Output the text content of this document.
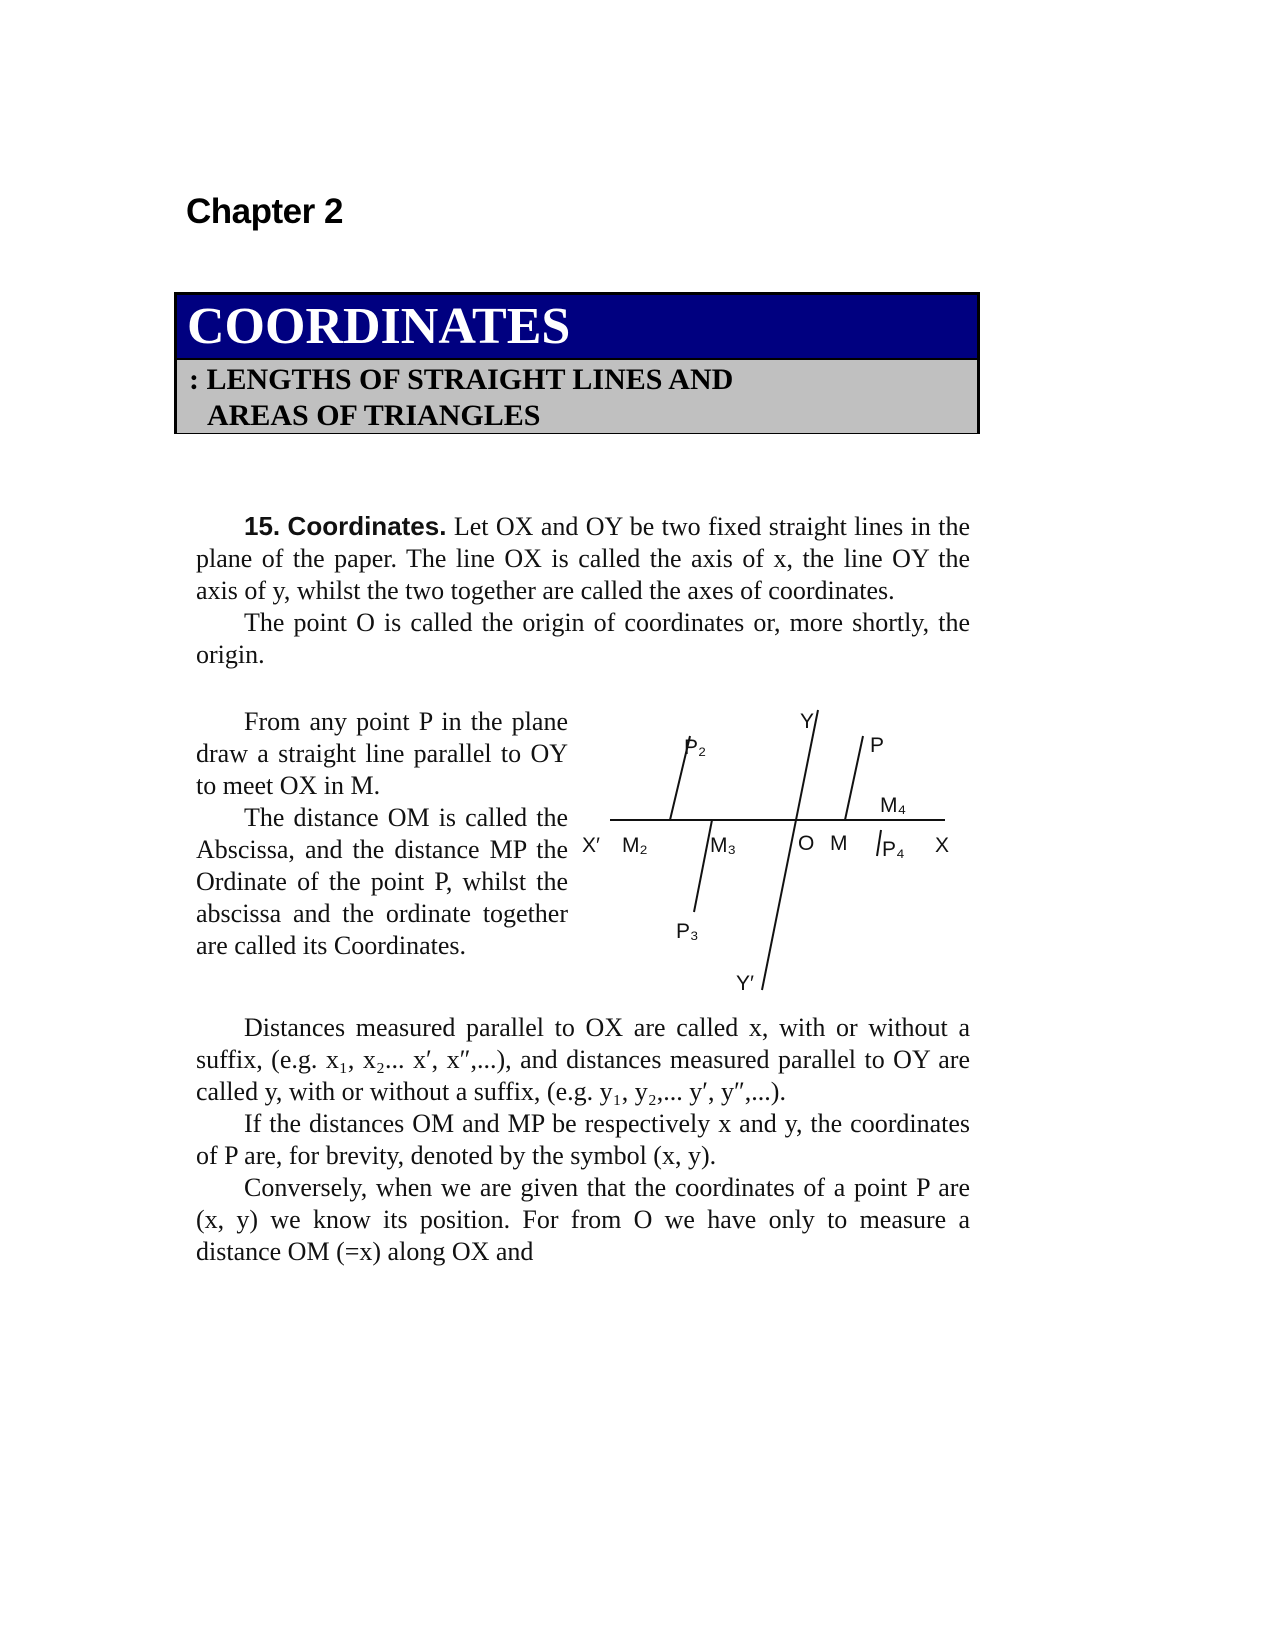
Chapter 2
COORDINATES
: LENGTHS OF STRAIGHT LINES AND
AREAS OF TRIANGLES

15. Coordinates. Let OX and OY be two fixed straight lines in the plane of the paper. The line OX is called the axis of x, the line OY the axis of y, whilst the two together are called the axes of coordinates.

The point O is called the origin of coordinates or, more shortly, the origin.

From any point P in the plane draw a straight line parallel to OY to meet OX in M.

The distance OM is called the Abscissa, and the distance MP the Ordinate of the point P, whilst the abscissa and the ordinate together are called its Coordinates.

Y
Y′
X
X′	O M
P
P₂
P₃
P₄
M₂	M₃
M₄

Distances measured parallel to OX are called x, with or without a suffix, (e.g. x₁, x₂... x′, x″,...), and distances measured parallel to OY are called y, with or without a suffix, (e.g. y₁, y₂,... y′, y″,...).

If the distances OM and MP be respectively x and y, the coordinates of P are, for brevity, denoted by the symbol (x, y).

Conversely, when we are given that the coordinates of a point P are (x, y) we know its position. For from O we have only to measure a distance OM (=x) along OX and
